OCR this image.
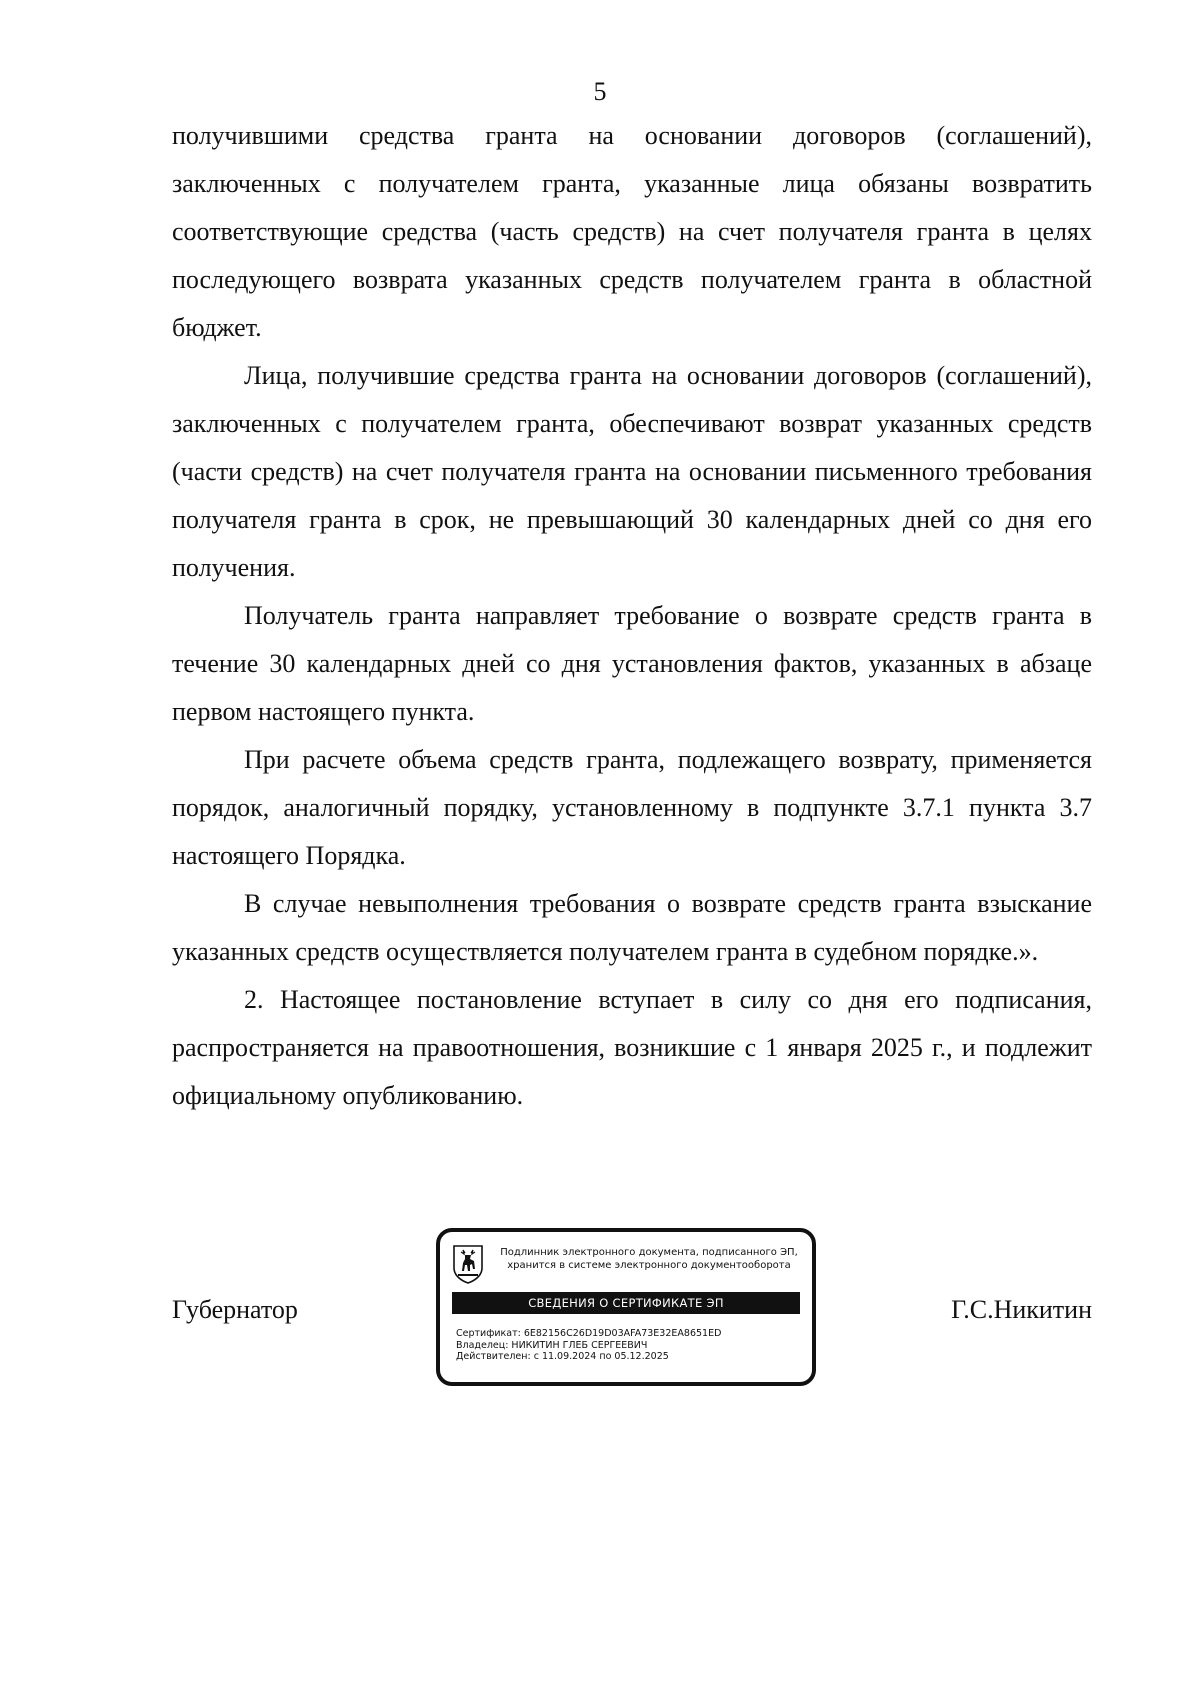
5

получившими средства гранта на основании договоров (соглашений), заключенных с получателем гранта, указанные лица обязаны возвратить соответствующие средства (часть средств) на счет получателя гранта в целях последующего возврата указанных средств получателем гранта в областной бюджет.

Лица, получившие средства гранта на основании договоров (соглашений), заключенных с получателем гранта, обеспечивают возврат указанных средств (части средств) на счет получателя гранта на основании письменного требования получателя гранта в срок, не превышающий 30 календарных дней со дня его получения.

Получатель гранта направляет требование о возврате средств гранта в течение 30 календарных дней со дня установления фактов, указанных в абзаце первом настоящего пункта.

При расчете объема средств гранта, подлежащего возврату, применяется порядок, аналогичный порядку, установленному в подпункте 3.7.1 пункта 3.7 настоящего Порядка.

В случае невыполнения требования о возврате средств гранта взыскание указанных средств осуществляется получателем гранта в судебном порядке.».

2. Настоящее постановление вступает в силу со дня его подписания, распространяется на правоотношения, возникшие с 1 января 2025 г., и подлежит официальному опубликованию.

Губернатор
Подлинник электронного документа, подписанного ЭП,
хранится в системе электронного документооборота
СВЕДЕНИЯ О СЕРТИФИКАТЕ ЭП
Сертификат: 6E82156C26D19D03AFA73E32EA8651ED
Владелец: НИКИТИН ГЛЕБ СЕРГЕЕВИЧ
Действителен: с 11.09.2024 по 05.12.2025
Г.С.Никитин
